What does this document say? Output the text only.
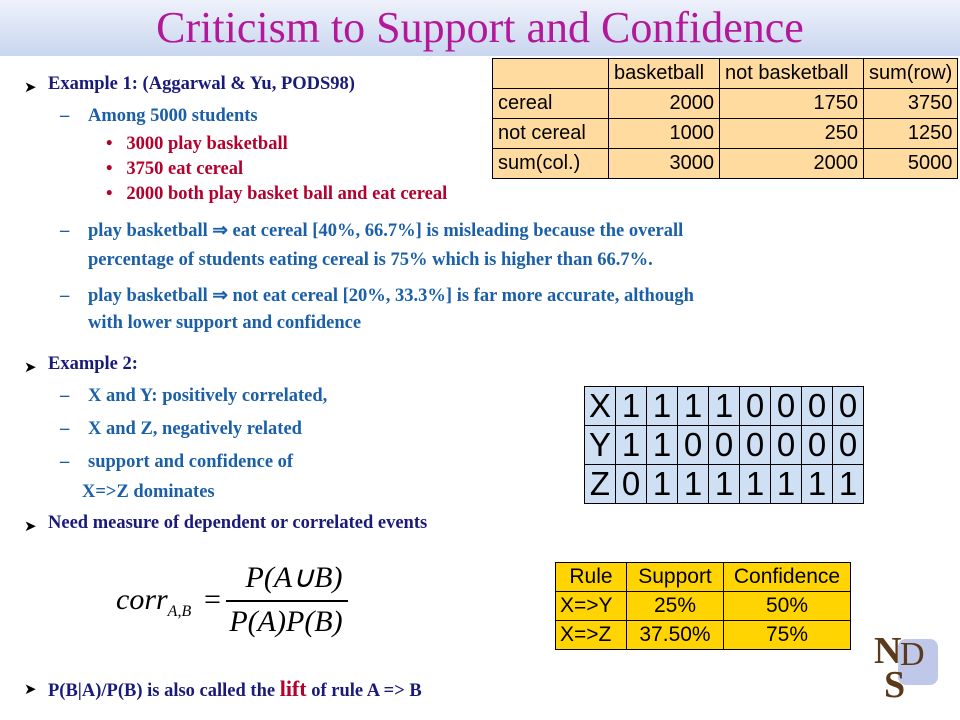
Criticism to Support and Confidence
➤ Example 1: (Aggarwal & Yu, PODS98)
– Among 5000 students
•   3000 play basketball
•   3750 eat cereal
•   2000 both play basket ball and eat cereal
– play basketball ⇒ eat cereal [40%, 66.7%] is misleading because the overall
percentage of students eating cereal is 75% which is higher than 66.7%.
– play basketball ⇒ not eat cereal [20%, 33.3%] is far more accurate, although
with lower support and confidence
➤ Example 2:
– X and Y: positively correlated,
– X and Z, negatively related
– support and confidence of
X=>Z dominates
➤ Need measure of dependent or correlated events
corr$_{A,B}$ =
P(A∪B)
P(A)P(B)
➤ P(B|A)/P(B) is also called the lift of rule A => B
	basketball	not basketball	sum(row)
cereal	2000	1750	3750
not cereal	1000	250	1250
sum(col.)	3000	2000	5000
X	1	1	1	1	0	0	0	0
Y	1	1	0	0	0	0	0	0
Z	0	1	1	1	1	1	1	1
Rule	Support	Confidence
X=>Y	25%	50%
X=>Z	37.50%	75% N
D
S
